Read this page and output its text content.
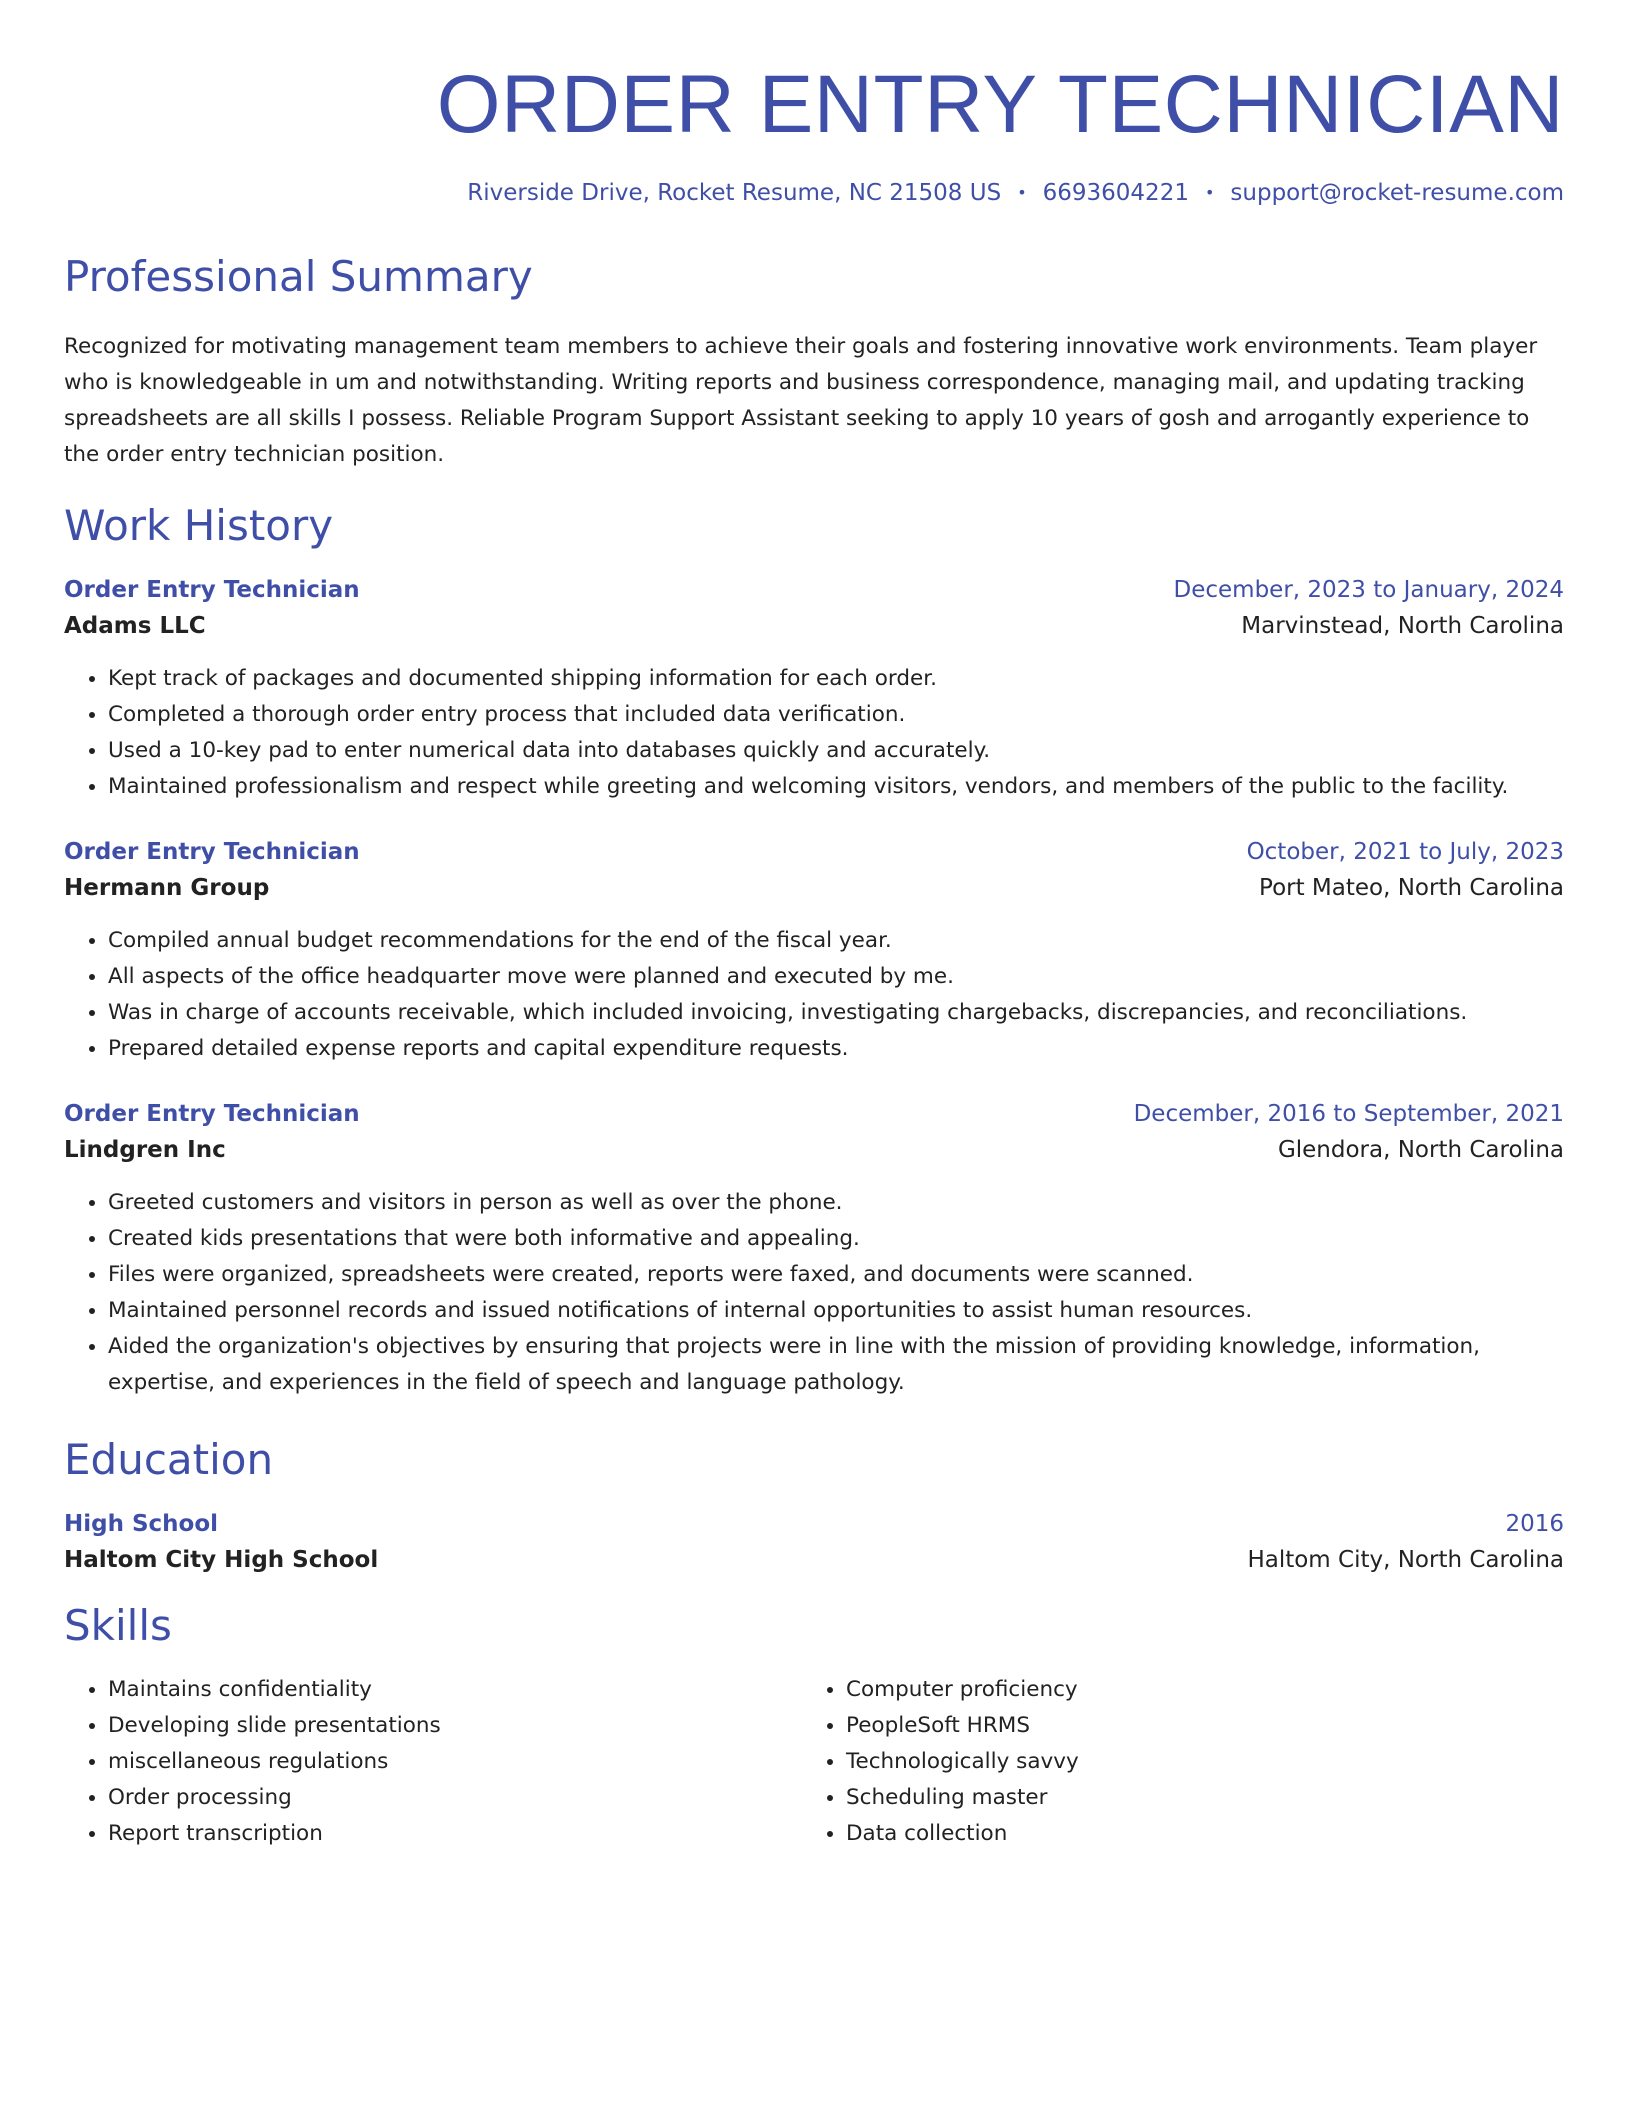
ORDER ENTRY TECHNICIAN
Riverside Drive, Rocket Resume, NC 21508 US • 6693604221 • support@rocket-resume.com
Professional Summary

Recognized for motivating management team members to achieve their goals and fostering innovative work environments. Team player who is knowledgeable in um and notwithstanding. Writing reports and business correspondence, managing mail, and updating tracking spreadsheets are all skills I possess. Reliable Program Support Assistant seeking to apply 10 years of gosh and arrogantly experience to the order entry technician position.

Work History
Order Entry Technician	December, 2023 to January, 2024
Adams LLC	Marvinstead, North Carolina
• Kept track of packages and documented shipping information for each order.
• Completed a thorough order entry process that included data verification.
• Used a 10-key pad to enter numerical data into databases quickly and accurately.
• Maintained professionalism and respect while greeting and welcoming visitors, vendors, and members of the public to the facility.
Order Entry Technician	October, 2021 to July, 2023
Hermann Group	Port Mateo, North Carolina
• Compiled annual budget recommendations for the end of the fiscal year.
• All aspects of the office headquarter move were planned and executed by me.
• Was in charge of accounts receivable, which included invoicing, investigating chargebacks, discrepancies, and reconciliations.
• Prepared detailed expense reports and capital expenditure requests.
Order Entry Technician	December, 2016 to September, 2021
Lindgren Inc	Glendora, North Carolina
• Greeted customers and visitors in person as well as over the phone.
• Created kids presentations that were both informative and appealing.
• Files were organized, spreadsheets were created, reports were faxed, and documents were scanned.
• Maintained personnel records and issued notifications of internal opportunities to assist human resources.
• Aided the organization's objectives by ensuring that projects were in line with the mission of providing knowledge, information, expertise, and experiences in the field of speech and language pathology.
Education
High School	2016
Haltom City High School	Haltom City, North Carolina
Skills
• Maintains confidentiality
• Developing slide presentations
• miscellaneous regulations
• Order processing
• Report transcription
• Computer proficiency
• PeopleSoft HRMS
• Technologically savvy
• Scheduling master
• Data collection
